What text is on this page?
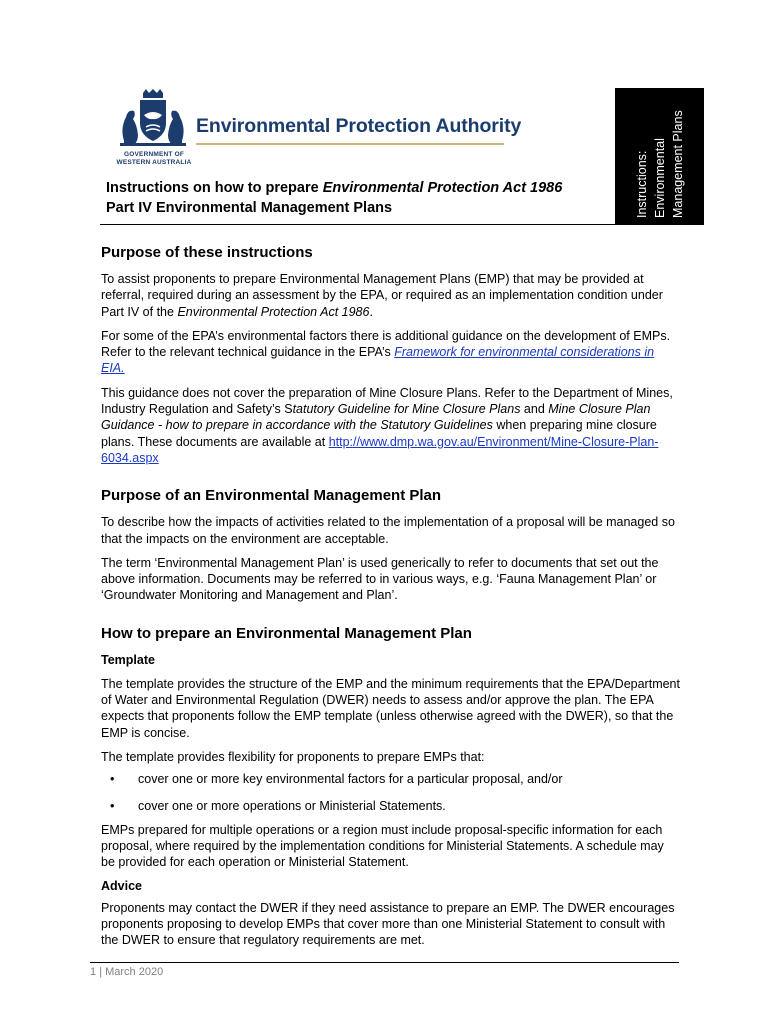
GOVERNMENT OF WESTERN AUSTRALIA
Environmental Protection Authority
Instructions on how to prepare Environmental Protection Act 1986
Part IV Environmental Management Plans	Instructions: Environmental Management Plans
Purpose of these instructions

To assist proponents to prepare Environmental Management Plans (EMP) that may be provided at referral, required during an assessment by the EPA, or required as an implementation condition under Part IV of the Environmental Protection Act 1986.

For some of the EPA’s environmental factors there is additional guidance on the development of EMPs. Refer to the relevant technical guidance in the EPA’s Framework for environmental considerations in EIA.

This guidance does not cover the preparation of Mine Closure Plans. Refer to the Department of Mines, Industry Regulation and Safety’s Statutory Guideline for Mine Closure Plans and Mine Closure Plan Guidance - how to prepare in accordance with the Statutory Guidelines when preparing mine closure plans. These documents are available at http://www.dmp.wa.gov.au/Environment/Mine-Closure-Plan-6034.aspx

Purpose of an Environmental Management Plan

To describe how the impacts of activities related to the implementation of a proposal will be managed so that the impacts on the environment are acceptable.

The term ‘Environmental Management Plan’ is used generically to refer to documents that set out the above information. Documents may be referred to in various ways, e.g. ‘Fauna Management Plan’ or ‘Groundwater Monitoring and Management and Plan’.

How to prepare an Environmental Management Plan
Template

The template provides the structure of the EMP and the minimum requirements that the EPA/Department of Water and Environmental Regulation (DWER) needs to assess and/or approve the plan. The EPA expects that proponents follow the EMP template (unless otherwise agreed with the DWER), so that the EMP is concise.

The template provides flexibility for proponents to prepare EMPs that:

• cover one or more key environmental factors for a particular proposal, and/or
• cover one or more operations or Ministerial Statements.

EMPs prepared for multiple operations or a region must include proposal-specific information for each proposal, where required by the implementation conditions for Ministerial Statements. A schedule may be provided for each operation or Ministerial Statement.

Advice

Proponents may contact the DWER if they need assistance to prepare an EMP. The DWER encourages proponents proposing to develop EMPs that cover more than one Ministerial Statement to consult with the DWER to ensure that regulatory requirements are met.

1 | March 2020
